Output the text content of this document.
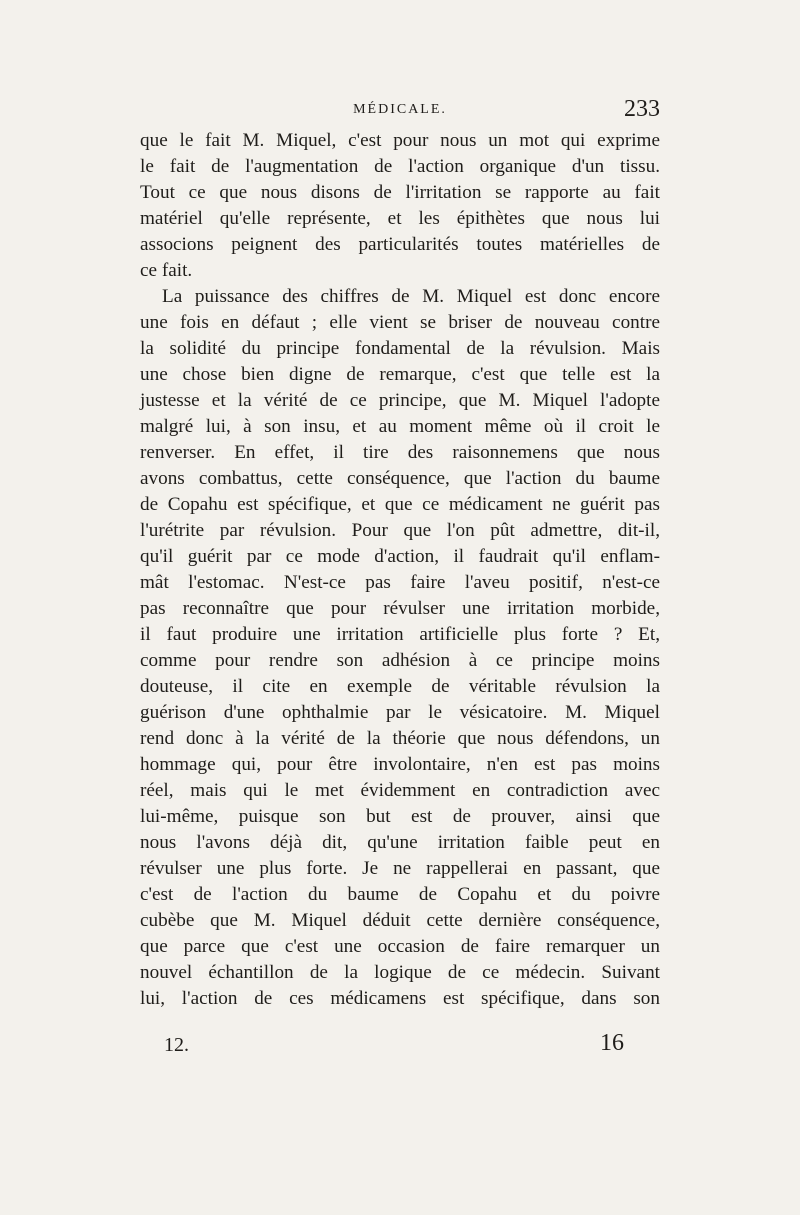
MÉDICALE.	233
que le fait M. Miquel, c'est pour nous un mot qui exprime
le fait de l'augmentation de l'action organique d'un tissu.
Tout ce que nous disons de l'irritation se rapporte au fait
matériel qu'elle représente, et les épithètes que nous lui
associons peignent des particularités toutes matérielles de
ce fait.
La puissance des chiffres de M. Miquel est donc encore
une fois en défaut ; elle vient se briser de nouveau contre
la solidité du principe fondamental de la révulsion. Mais
une chose bien digne de remarque, c'est que telle est la
justesse et la vérité de ce principe, que M. Miquel l'adopte
malgré lui, à son insu, et au moment même où il croit le
renverser. En effet, il tire des raisonnemens que nous
avons combattus, cette conséquence, que l'action du baume
de Copahu est spécifique, et que ce médicament ne guérit pas
l'urétrite par révulsion. Pour que l'on pût admettre, dit-il,
qu'il guérit par ce mode d'action, il faudrait qu'il enflam-
mât l'estomac. N'est-ce pas faire l'aveu positif, n'est-ce
pas reconnaître que pour révulser une irritation morbide,
il faut produire une irritation artificielle plus forte ? Et,
comme pour rendre son adhésion à ce principe moins
douteuse, il cite en exemple de véritable révulsion la
guérison d'une ophthalmie par le vésicatoire. M. Miquel
rend donc à la vérité de la théorie que nous défendons, un
hommage qui, pour être involontaire, n'en est pas moins
réel, mais qui le met évidemment en contradiction avec
lui-même, puisque son but est de prouver, ainsi que
nous l'avons déjà dit, qu'une irritation faible peut en
révulser une plus forte. Je ne rappellerai en passant, que
c'est de l'action du baume de Copahu et du poivre
cubèbe que M. Miquel déduit cette dernière conséquence,
que parce que c'est une occasion de faire remarquer un
nouvel échantillon de la logique de ce médecin. Suivant
lui, l'action de ces médicamens est spécifique, dans son
12.	16
